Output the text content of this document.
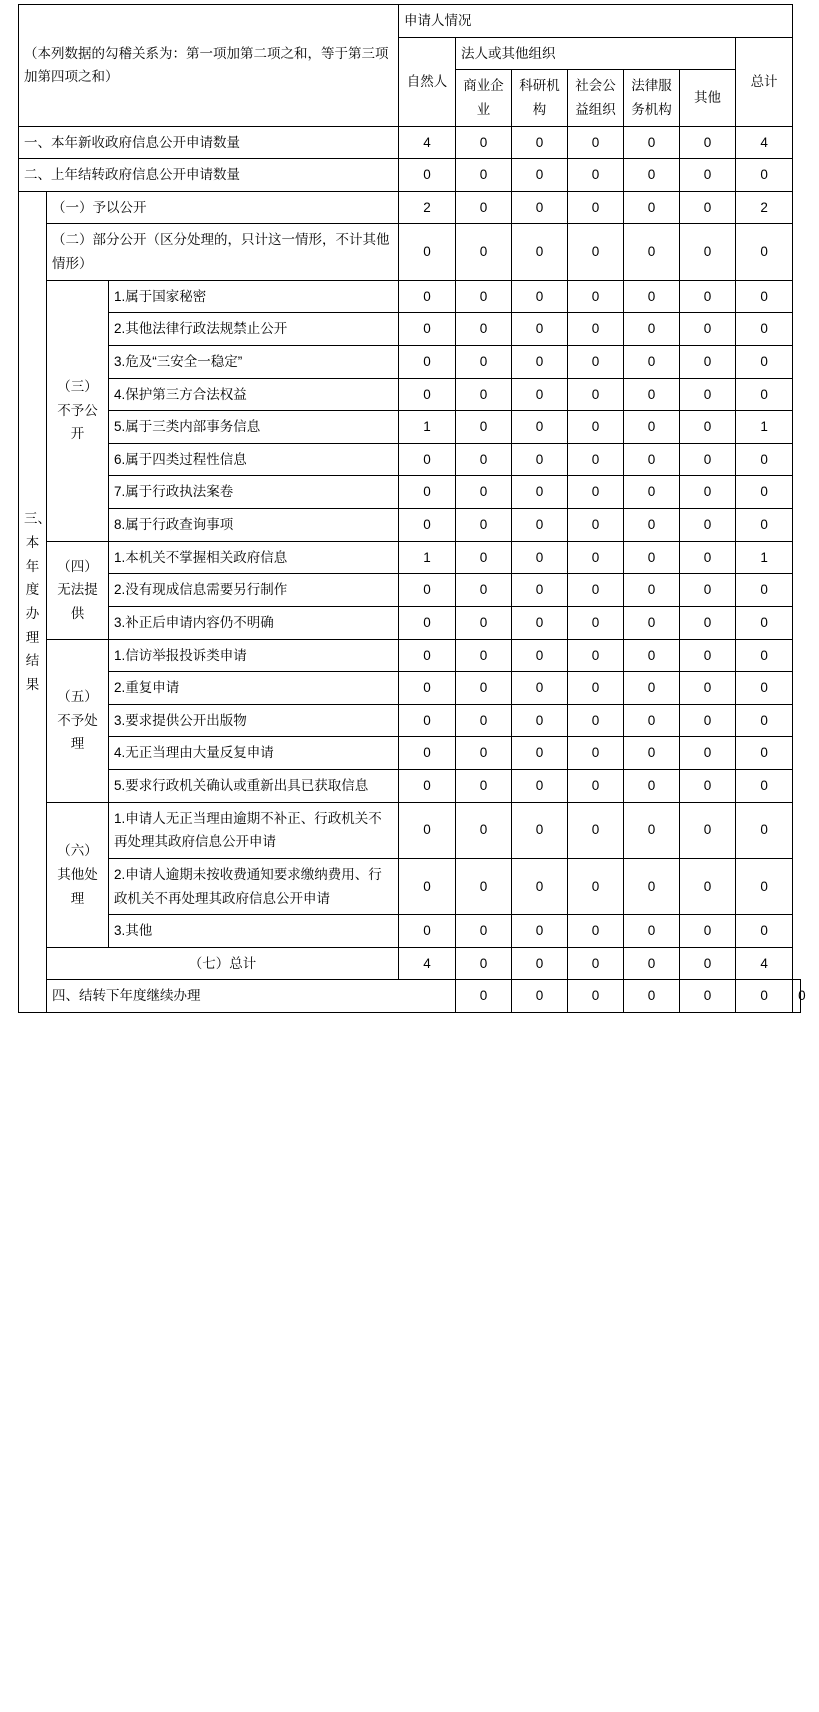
（本列数据的勾稽关系为：第一项加第二项之和，等于第三项加第四项之和）			申请人情况							
			自然人	法人或其他组织					总计	
				商业企业	科研机构	社会公益组织	法律服务机构	其他		
一、本年新收政府信息公开申请数量			4	0	0	0	0	0	4	
二、上年结转政府信息公开申请数量			0	0	0	0	0	0	0	
三、本年度办理结果	（一）予以公开		2	0	0	0	0	0	2	
	（二）部分公开（区分处理的，只计这一情形，不计其他情形）		0	0	0	0	0	0	0	
	（三）不予公开	1.属于国家秘密	0	0	0	0	0	0	0	
		2.其他法律行政法规禁止公开	0	0	0	0	0	0	0	
		3.危及“三安全一稳定”	0	0	0	0	0	0	0	
		4.保护第三方合法权益	0	0	0	0	0	0	0	
		5.属于三类内部事务信息	1	0	0	0	0	0	1	
		6.属于四类过程性信息	0	0	0	0	0	0	0	
		7.属于行政执法案卷	0	0	0	0	0	0	0	
		8.属于行政查询事项	0	0	0	0	0	0	0	
	（四）无法提供	1.本机关不掌握相关政府信息	1	0	0	0	0	0	1	
		2.没有现成信息需要另行制作	0	0	0	0	0	0	0	
		3.补正后申请内容仍不明确	0	0	0	0	0	0	0	
	（五）不予处理	1.信访举报投诉类申请	0	0	0	0	0	0	0	
		2.重复申请	0	0	0	0	0	0	0	
		3.要求提供公开出版物	0	0	0	0	0	0	0	
		4.无正当理由大量反复申请	0	0	0	0	0	0	0	
		5.要求行政机关确认或重新出具已获取信息	0	0	0	0	0	0	0	
	（六）其他处理	1.申请人无正当理由逾期不补正、行政机关不再处理其政府信息公开申请	0	0	0	0	0	0	0	
		2.申请人逾期未按收费通知要求缴纳费用、行政机关不再处理其政府信息公开申请	0	0	0	0	0	0	0	
		3.其他	0	0	0	0	0	0	0	
	（七）总计		4	0	0	0	0	0	4	
	四、结转下年度继续办理			0	0	0	0	0	0	0
